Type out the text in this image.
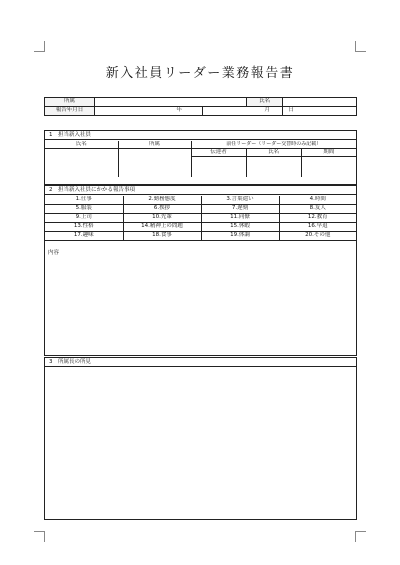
新入社員リーダー業務報告書
所属			氏名	
報告年月日	年	月		日
1　担当新入社員
氏名	所属	前任リーダー（リーダー交替時のみ記載）		
		伝達者	氏名	期間

2　担当新入社員にかかる報告事項
1.仕事	2.勤務態度	3.言葉遣い	4.時間
5.服装	6.挨拶	7.遅刻	8.友人
9.上司	10.先輩	11.同僚	12.教育
13.性格	14.精神上の問題	15.休暇	16.早退
17.趣味	18.食事	19.体調	20.その他
内容
3　所属長の所見
